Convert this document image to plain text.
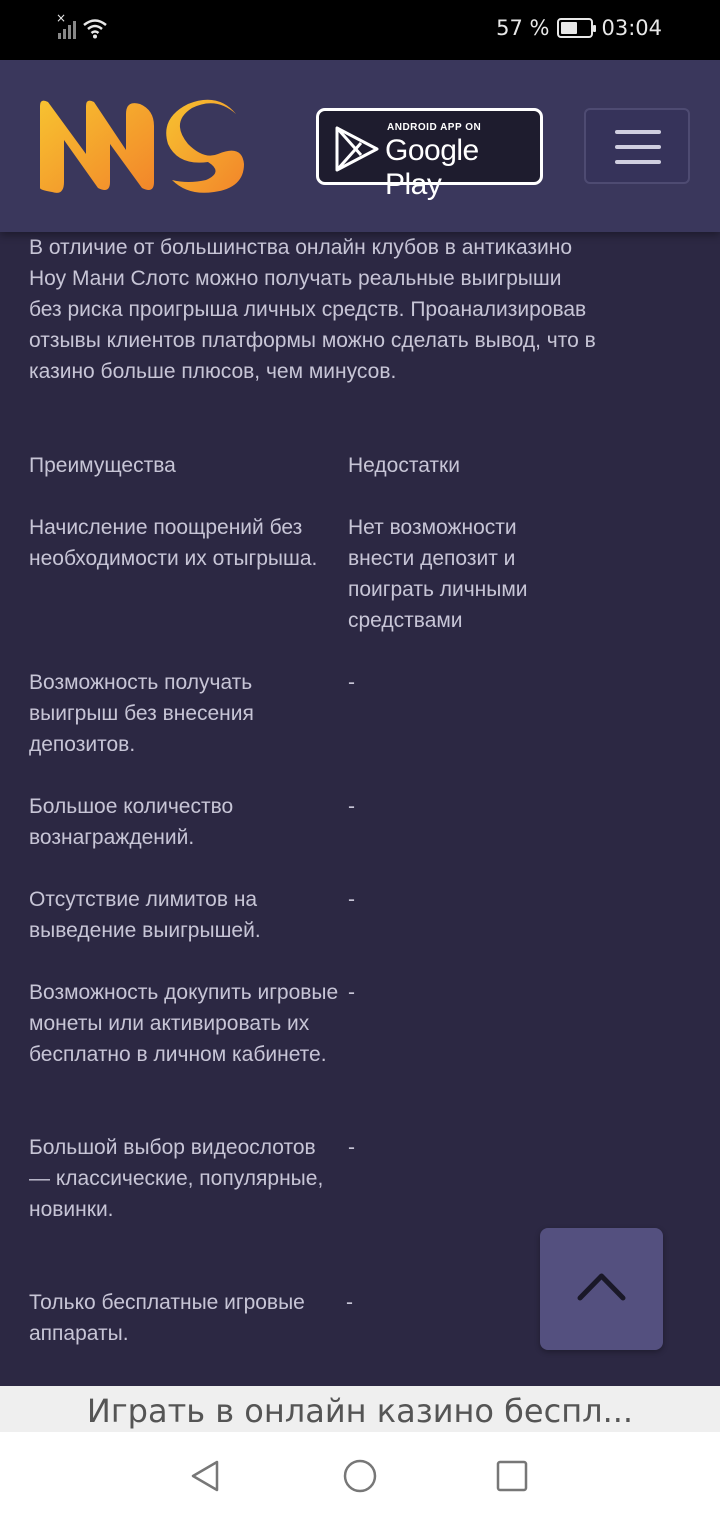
×	57 % 03:04
ANDROID APP ON
Google Play

В отличие от большинства онлайн клубов в антиказино Ноу Мани Слотс можно получать реальные выигрыши без риска проигрыша личных средств. Проанализировав отзывы клиентов платформы можно сделать вывод, что в казино больше плюсов, чем минусов.

Преимущества	Недостатки
Начисление поощрений без необходимости их отыгрыша.
Нет возможности внести депозит и поиграть личными средствами
Возможность получать выигрыш без внесения депозитов.
-
Большое количество вознаграждений.
-
Отсутствие лимитов на выведение выигрышей.
-
Возможность докупить игровые монеты или активировать их бесплатно в личном кабинете.
-
Большой выбор видеослотов — классические, популярные, новинки.
-
Только бесплатные игровые аппараты.
-
Играть в онлайн казино беспл...
